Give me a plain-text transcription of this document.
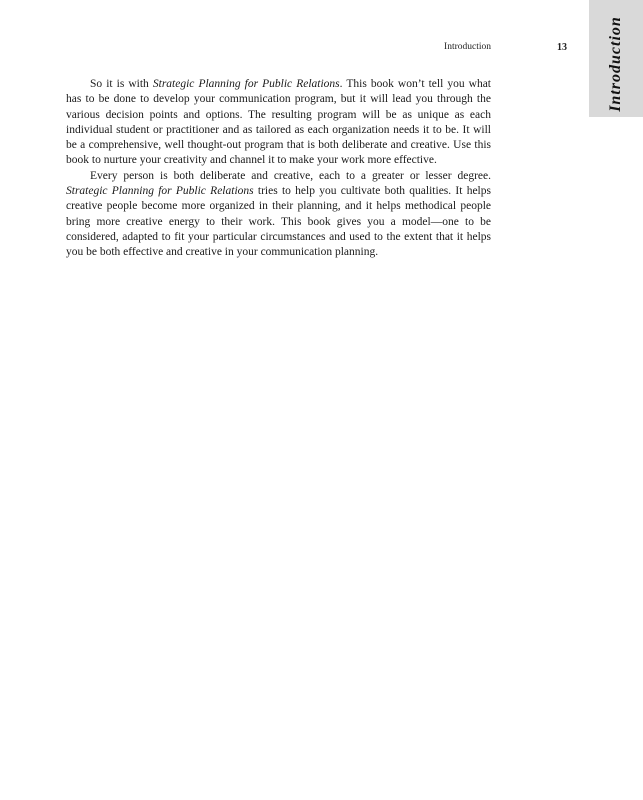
Introduction
Introduction	13

So it is with Strategic Planning for Public Relations. This book won’t tell you what has to be done to develop your communication program, but it will lead you through the various decision points and options. The resulting program will be as unique as each individual student or practitioner and as tailored as each organization needs it to be. It will be a comprehensive, well thought-out program that is both deliberate and creative. Use this book to nurture your creativity and channel it to make your work more effective.

Every person is both deliberate and creative, each to a greater or lesser degree. Strategic Planning for Public Relations tries to help you cultivate both qualities. It helps creative people become more organized in their planning, and it helps methodical people bring more creative energy to their work. This book gives you a model—one to be considered, adapted to fit your particular circumstances and used to the extent that it helps you be both effective and creative in your communication planning.
